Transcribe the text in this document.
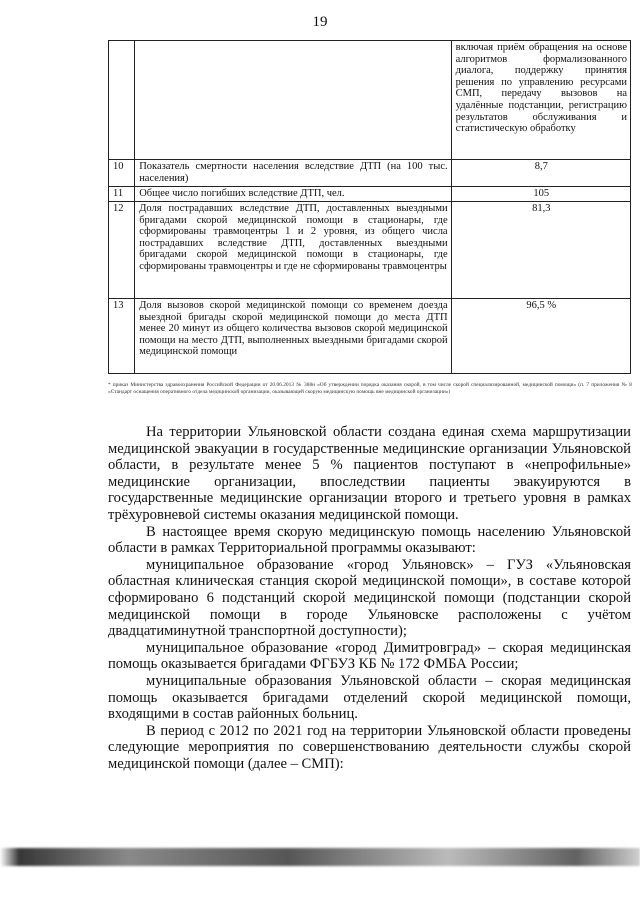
19
		включая приём обращения на основе алгоритмов формализованного диалога, поддержку принятия решения по управлению ресурсами СМП, передачу вызовов на удалённые подстанции, регистрацию результатов обслуживания и статистическую обработку
10	Показатель смертности населения вследствие ДТП (на 100 тыс. населения)	8,7
11	Общее число погибших вследствие ДТП, чел.	105
12	Доля пострадавших вследствие ДТП, доставленных выездными бригадами скорой медицинской помощи в стационары, где сформированы травмоцентры 1 и 2 уровня, из общего числа пострадавших вследствие ДТП, доставленных выездными бригадами скорой медицинской помощи в стационары, где сформированы травмоцентры и где не сформированы травмоцентры	81,3
13	Доля вызовов скорой медицинской помощи со временем доезда выездной бригады скорой медицинской помощи до места ДТП менее 20 минут из общего количества вызовов скорой медицинской помощи на место ДТП, выполненных выездными бригадами скорой медицинской помощи	96,5 %
* приказ Министерства здравоохранения Российской Федерации от 20.06.2013 № 388н «Об утверждении порядка оказания скорой, в том числе скорой специализированной, медицинской помощи» (п. 7 приложения № 8 «Стандарт оснащения оперативного отдела медицинской организации, оказывающей скорую медицинскую помощь вне медицинской организации»)

На территории Ульяновской области создана единая схема маршрутизации медицинской эвакуации в государственные медицинские организации Ульяновской области, в результате менее 5 % пациентов поступают в «непрофильные» медицинские организации, впоследствии пациенты эвакуируются в государственные медицинские организации второго и третьего уровня в рамках трёхуровневой системы оказания медицинской помощи.

В настоящее время скорую медицинскую помощь населению Ульяновской области в рамках Территориальной программы оказывают:

муниципальное образование «город Ульяновск» – ГУЗ «Ульяновская областная клиническая станция скорой медицинской помощи», в составе которой сформировано 6 подстанций скорой медицинской помощи (подстанции скорой медицинской помощи в городе Ульяновске расположены с учётом двадцатиминутной транспортной доступности);

муниципальное образование «город Димитровград» – скорая медицинская помощь оказывается бригадами ФГБУЗ КБ № 172 ФМБА России;

муниципальные образования Ульяновской области – скорая медицинская помощь оказывается бригадами отделений скорой медицинской помощи, входящими в состав районных больниц.

В период с 2012 по 2021 год на территории Ульяновской области проведены следующие мероприятия по совершенствованию деятельности службы скорой медицинской помощи (далее – СМП):
